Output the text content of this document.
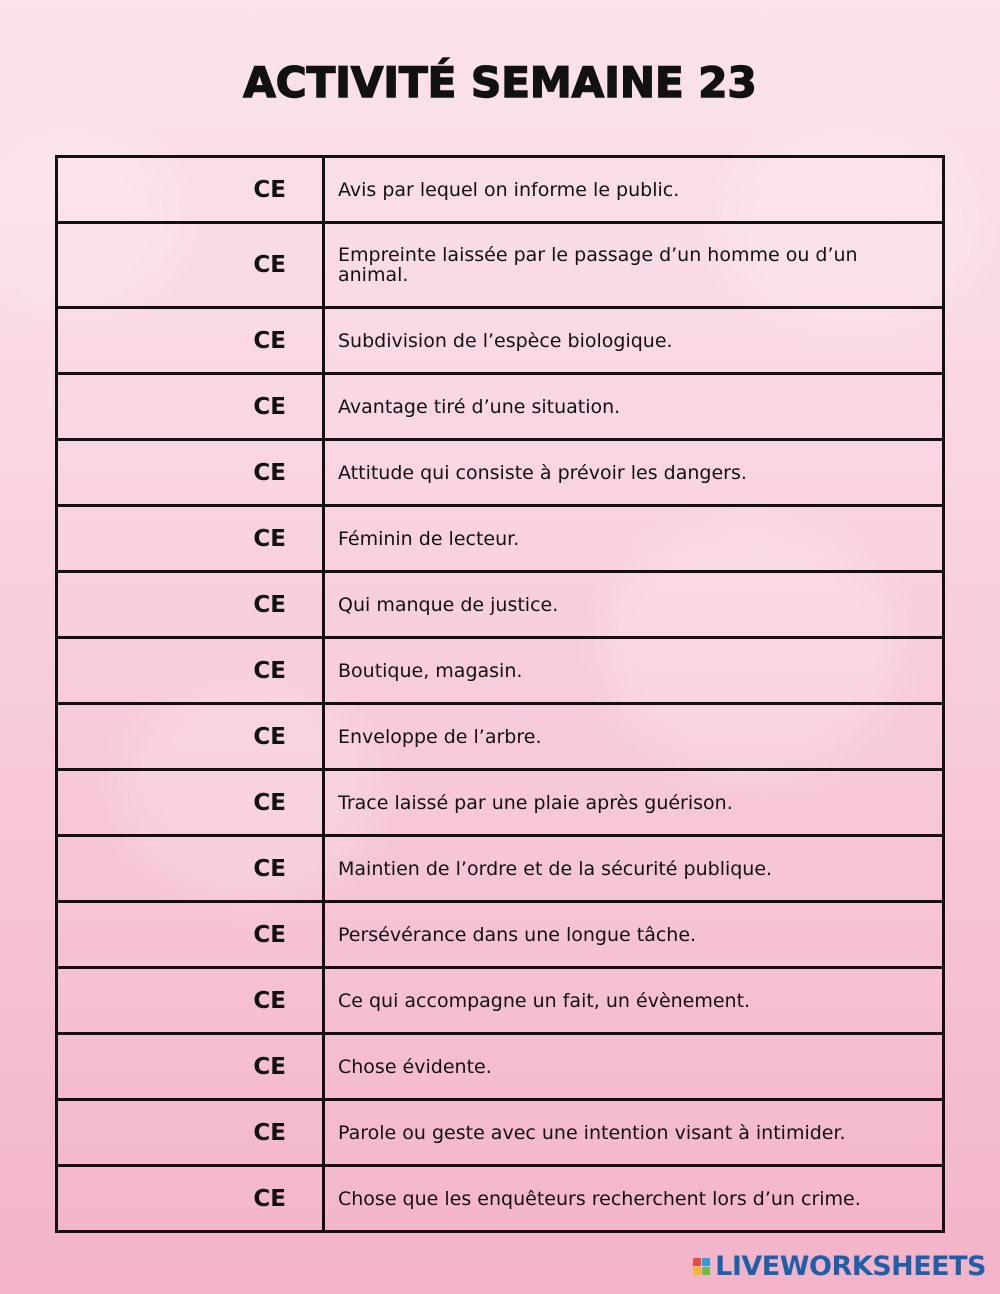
ACTIVITÉ SEMAINE 23
CE	Avis par lequel on informe le public.

CE	Empreinte laissée par le passage d’un homme ou d’un animal.

CE	Subdivision de l’espèce biologique.

CE	Avantage tiré d’une situation.

CE	Attitude qui consiste à prévoir les dangers.

CE	Féminin de lecteur.

CE	Qui manque de justice.

CE	Boutique, magasin.

CE	Enveloppe de l’arbre.

CE	Trace laissé par une plaie après guérison.

CE	Maintien de l’ordre et de la sécurité publique.

CE	Persévérance dans une longue tâche.

CE	Ce qui accompagne un fait, un évènement.

CE	Chose évidente.

CE	Parole ou geste avec une intention visant à intimider.

CE	Chose que les enquêteurs recherchent lors d’un crime.
LIVEWORKSHEETS
